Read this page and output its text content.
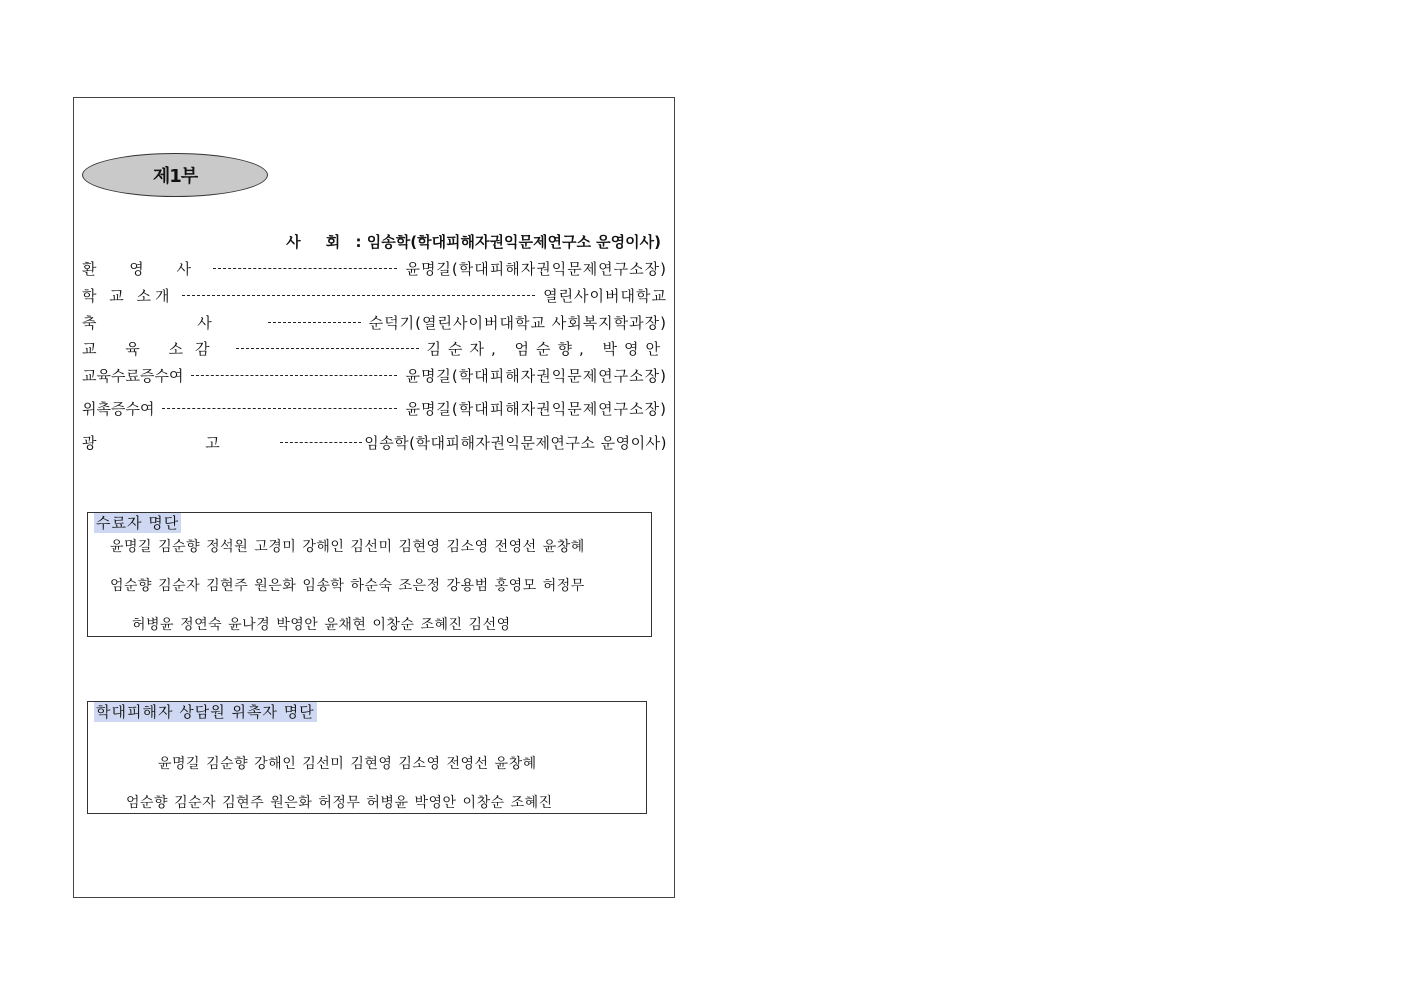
제1부
사 회 : 임송학(학대피해자권익문제연구소 운영이사)
환 영 사	윤명길(학대피해자권익문제연구소장)
학 교 소개	열린사이버대학교
축 사	순덕기(열린사이버대학교 사회복지학과장)
교 육 소감	김순자, 엄순향, 박영안
교육수료증수여	윤명길(학대피해자권익문제연구소장)
위촉증수여	윤명길(학대피해자권익문제연구소장)
광 고	임송학(학대피해자권익문제연구소 운영이사)
수료자 명단
윤명길 김순향 정석원 고경미 강해인 김선미 김현영 김소영 전영선 윤창혜
엄순향 김순자 김현주 원은화 임송학 하순숙 조은정 강용범 홍영모 허정무
허병윤 정연숙 윤나경 박영안 윤채현 이창순 조혜진 김선영
학대피해자 상담원 위촉자 명단
윤명길 김순향 강해인 김선미 김현영 김소영 전영선 윤창혜
엄순향 김순자 김현주 원은화 허정무 허병윤 박영안 이창순 조혜진
